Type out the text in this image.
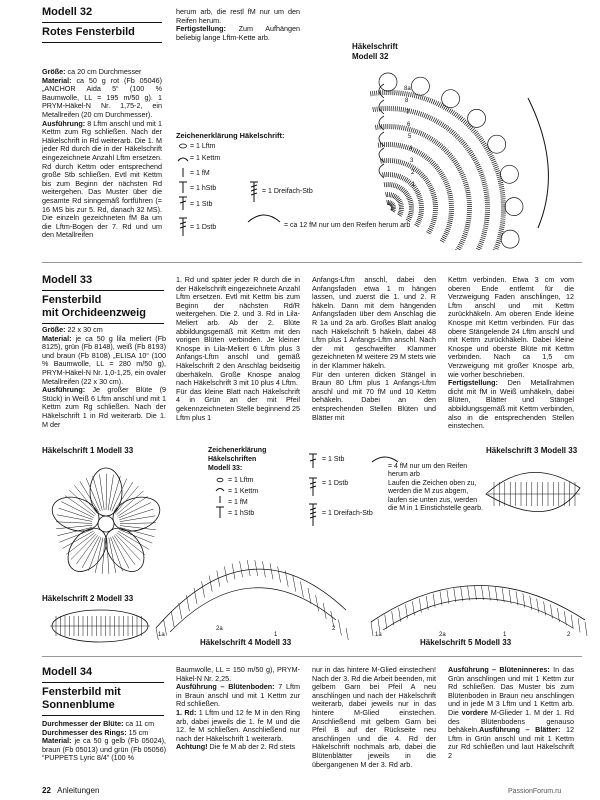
Modell 32
Rotes Fensterbild
Größe: ca 20 cm Durchmesser
Material: ca 50 g rot (Fb 05046) „ANCHOR Aida 5“ (100 % Baumwolle, LL = 195 m/50 g). 1 PRYM-Häkel-N Nr. 1,75-2, ein Metallreifen (20 cm Durchmesser).
Ausführung: 8 Lftm anschl und mit 1 Kettm zum Rg schließen. Nach der Häkelschrift in Rd weiterarb. Die 1. M jeder Rd durch die in der Häkelschrift eingezeichnete Anzahl Lftm ersetzen. Rd durch Kettm oder entsprechend große Stb schließen. Evtl mit Kettm bis zum Beginn der nächsten Rd weitergehen. Das Muster über die gesamte Rd sinngemäß fortführen (= 16 MS bis zur 5. Rd, danach 32 MS). Die einzeln gezeichneten fM 8a um die Lftm-Bogen der 7. Rd und um den Metallreifen

herum arb, die restl fM nur um den Reifen herum.
Fertigstellung: Zum Aufhängen beliebig lange Lftm-Kette arb.

Zeichenerklärung Häkelschrift:
= 1 Lftm
= 1 Kettm
= 1 fM
= 1 hStb
= 1 Stb
= 1 Dstb
= 1 Dreifach-Stb
= ca 12 fM nur um den Reifen herum arb
Häkelschrift
Modell 32
8a
8
7
6
5
4
3
2
1
Modell 33
Fensterbild
mit Orchideenzweig
Größe: 22 x 30 cm
Material: je ca 50 g lila meliert (Fb 8125), grün (Fb 8148), weiß (Fb 8193) und braun (Fb 8108) „ELISA 10“ (100 % Baumwolle, LL = 280 m/50 g), PRYM-Häkel-N Nr. 1,0-1,25, ein ovaler Metallreifen (22 x 30 cm).
Ausführung: Je großer Blüte (9 Stück) in Weiß 6 Lftm anschl und mit 1 Kettm zum Rg schließen. Nach der Häkelschrift 1 in Rd weiterarb. Die 1. M der

1. Rd und später jeder R durch die in der Häkelschrift eingezeichnete Anzahl Lftm ersetzen. Evtl mit Kettm bis zum Beginn der nächsten Rd/R weitergehen. Die 2. und 3. Rd in Lila-Meliert arb. Ab der 2. Blüte abbildungsgemäß mit Kettm mit den vorigen Blüten verbinden. Je kleiner Knospe in Lila-Meliert 6 Lftm plus 3 Anfangs-Lftm anschl und gemäß Häkelschrift 2 den Anschlag beidseitig überhäkeln. Große Knospe analog nach Häkelschrift 3 mit 10 plus 4 Lftm.
Für das kleine Blatt nach Häkelschrift 4 in Grün an der mit Pfeil gekennzeichneten Stelle beginnend 25 Lftm plus 1
Anfangs-Lftm anschl, dabei den Anfangsfaden etwa 1 m hängen lassen, und zuerst die 1. und 2. R häkeln. Dann mit dem hängenden Anfangsfaden über dem Anschlag die R 1a und 2a arb. Großes Blatt analog nach Häkelschrift 5 häkeln, dabei 48 Lftm plus 1 Anfangs-Lftm anschl. Nach der mit geschweifter Klammer gezeichneten M weitere 29 M stets wie in der Klammer häkeln.
Für den unteren dicken Stängel in Braun 80 Lftm plus 1 Anfangs-Lftm anschl und mit 70 fM und 10 Kettm behäkeln. Dabei an den entsprechenden Stellen Blüten und Blätter mit
Kettm verbinden. Etwa 3 cm vom oberen Ende entfernt für die Verzweigung Faden anschlingen, 12 Lftm anschl und mit Kettm zurückhäkeln. Am oberen Ende kleine Knospe mit Kettm verbinden. Für das obere Stängelende 24 Lftm anschl und mit Kettm zurückhäkeln. Dabei kleine Knospe und oberste Blüte mit Kettm verbinden. Nach ca 1,5 cm Verzweigung mit großer Knospe arb, wie vorher beschrieben.
Fertigstellung: Den Metallrahmen dicht mit fM in Weiß umhäkeln, dabei Blüten, Blätter und Stängel abbildungsgemäß mit Kettm verbinden, also in die entsprechenden Stellen einstechen.

Häkelschrift 1 Modell 33	Zeichenerklärung
Häkelschriften
Modell 33:
= 1 Lftm
= 1 Kettm
= 1 fM
= 1 hStb
= 1 Stb
= 1 Dstb
= 1 Dreifach-Stb
= 4 fM nur um den Reifen herum arb
Laufen die Zeichen oben zu, werden die M zus abgem, laufen sie unten zus, werden die M in 1 Einstichstelle gearb.
Häkelschrift 3 Modell 33
Häkelschrift 2 Modell 33
1a
2a
1
2
1a	2a	1	2
Häkelschrift 4 Modell 33	Häkelschrift 5 Modell 33
Modell 34
Fensterbild mit
Sonnenblume
Durchmesser der Blüte: ca 11 cm
Durchmesser des Rings: 15 cm
Material: je ca 50 g gelb (Fb 05024), braun (Fb 05013) und grün (Fb 05056) “PUPPETS Lyric 8/4” (100 %

Baumwolle, LL = 150 m/50 g), PRYM-Häkel-N Nr. 2,25.
Ausführung – Blütenboden: 7 Lftm in Braun anschl und mit 1 Kettm zur Rd schließen.
1. Rd: 1 Lftm und 12 fe M in den Ring arb, dabei jeweils die 1. fe M und die 12. fe M schließen. Anschließend nur nach der Häkelschrift 1 weiterarb.
Achtung! Die fe M ab der 2. Rd stets

nur in das hintere M-Glied einstechen! Nach der 3. Rd die Arbeit beenden, mit gelbem Garn bei Pfeil A neu anschlingen und nach der Häkelschrift weiterarb, dabei jeweils nur in das hintere M-Glied einstechen. Anschließend mit gelbem Garn bei Pfeil B auf der Rückseite neu anschlingen und die 4. Rd der Häkelschrift nochmals arb, dabei die Blütenblätter jeweils in die übergangenen M der 3. Rd arb.
Ausführung – Blüteninneres: In das Grün anschlingen und mit 1 Kettm zur Rd schließen. Das Muster bis zum Blütenboden in Braun neu anschlingen und in jede M 3 Lftm und 1 Kettm arb. Die vordere M-Glieder 1. M der 1. Rd des Blütenbodens genauso behäkeln.Ausführung – Blätter: 12 Lftm in Grün anschl und mit 1 Kettm zur Rd schließen und laut Häkelschrift 2
22 Anleitungen	PassionForum.ru
